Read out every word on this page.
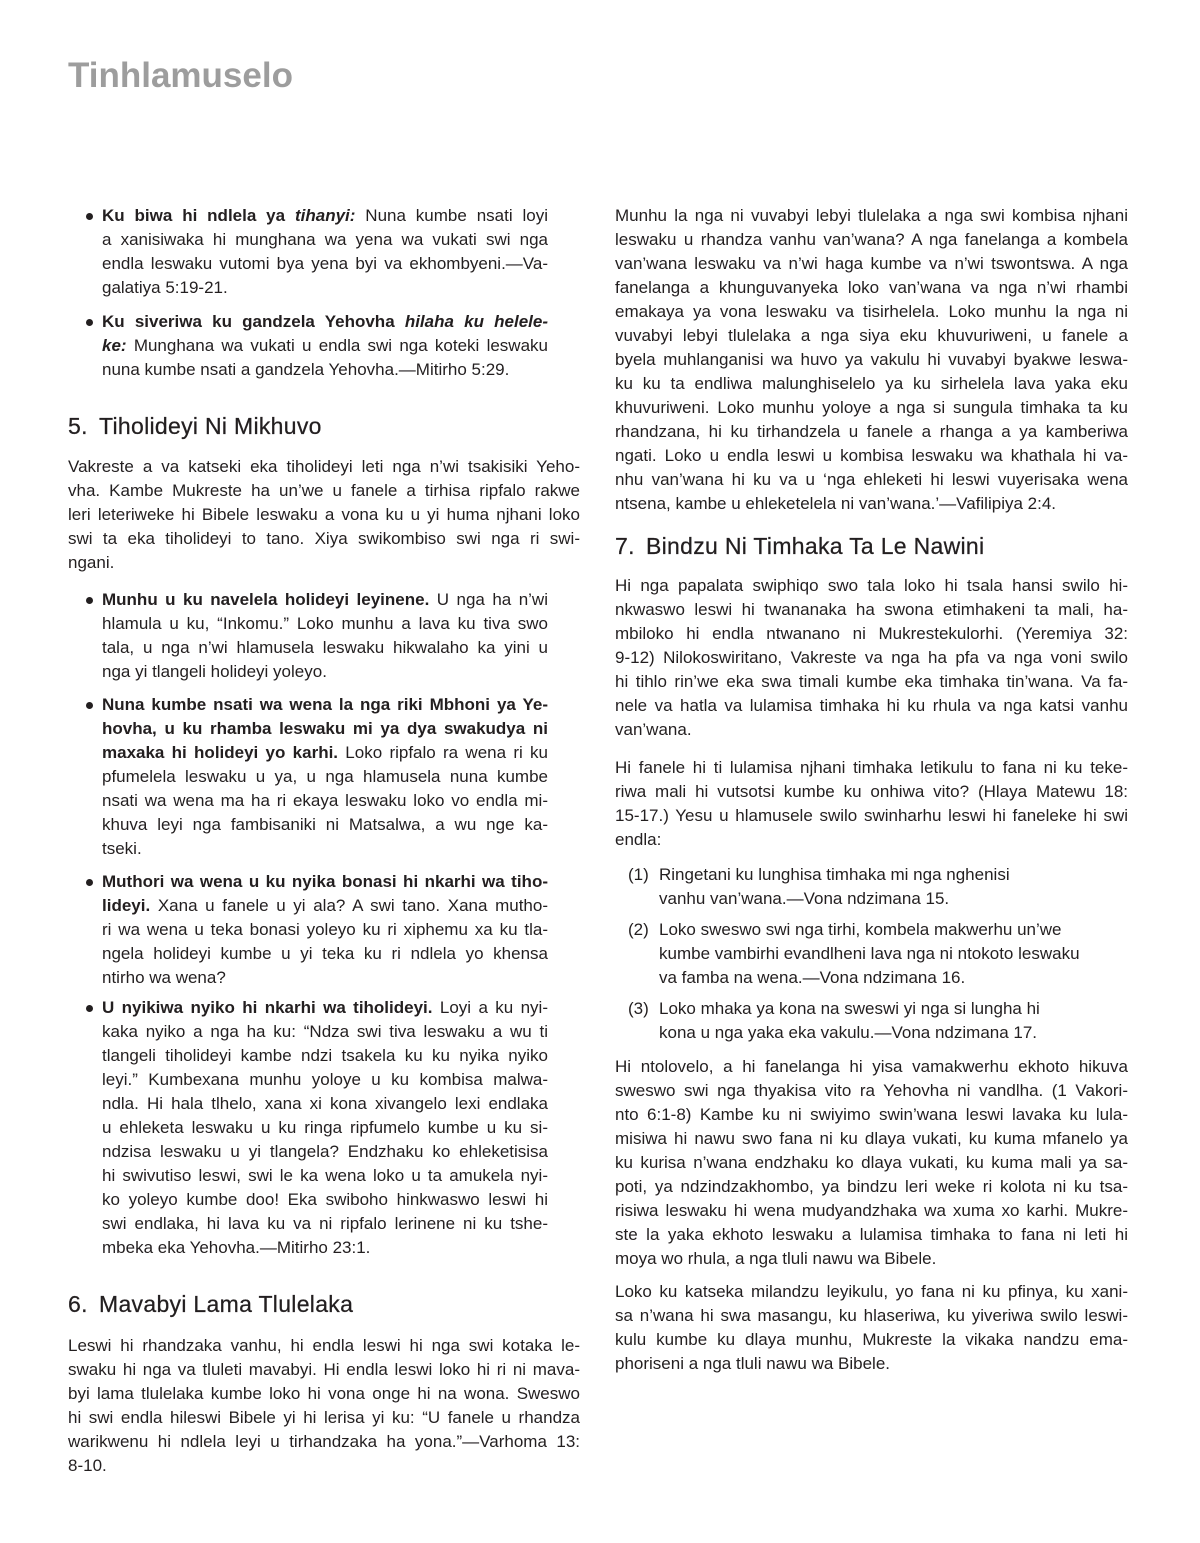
Tinhlamuselo
Ku biwa hi ndlela ya tihanyi: Nuna kumbe nsati loyi
a xanisiwaka hi munghana wa yena wa vukati swi nga
endla leswaku vutomi bya yena byi va ekhombyeni.—Va-
galatiya 5:19-21.
Ku siveriwa ku gandzela Yehovha hilaha ku helele-
ke: Munghana wa vukati u endla swi nga koteki leswaku
nuna kumbe nsati a gandzela Yehovha.—Mitirho 5:29.
5. Tiholideyi Ni Mikhuvo
Vakreste a va katseki eka tiholideyi leti nga n’wi tsakisiki Yeho-
vha. Kambe Mukreste ha un’we u fanele a tirhisa ripfalo rakwe
leri leteriweke hi Bibele leswaku a vona ku u yi huma njhani loko
swi ta eka tiholideyi to tano. Xiya swikombiso swi nga ri swi-
ngani.
Munhu u ku navelela holideyi leyinene. U nga ha n’wi
hlamula u ku, “Inkomu.” Loko munhu a lava ku tiva swo
tala, u nga n’wi hlamusela leswaku hikwalaho ka yini u
nga yi tlangeli holideyi yoleyo.
Nuna kumbe nsati wa wena la nga riki Mbhoni ya Ye-
hovha, u ku rhamba leswaku mi ya dya swakudya ni
maxaka hi holideyi yo karhi. Loko ripfalo ra wena ri ku
pfumelela leswaku u ya, u nga hlamusela nuna kumbe
nsati wa wena ma ha ri ekaya leswaku loko vo endla mi-
khuva leyi nga fambisaniki ni Matsalwa, a wu nge ka-
tseki.
Muthori wa wena u ku nyika bonasi hi nkarhi wa tiho-
lideyi. Xana u fanele u yi ala? A swi tano. Xana mutho-
ri wa wena u teka bonasi yoleyo ku ri xiphemu xa ku tla-
ngela holideyi kumbe u yi teka ku ri ndlela yo khensa
ntirho wa wena?
U nyikiwa nyiko hi nkarhi wa tiholideyi. Loyi a ku nyi-
kaka nyiko a nga ha ku: “Ndza swi tiva leswaku a wu ti
tlangeli tiholideyi kambe ndzi tsakela ku ku nyika nyiko
leyi.” Kumbexana munhu yoloye u ku kombisa malwa-
ndla. Hi hala tlhelo, xana xi kona xivangelo lexi endlaka
u ehleketa leswaku u ku ringa ripfumelo kumbe u ku si-
ndzisa leswaku u yi tlangela? Endzhaku ko ehleketisisa
hi swivutiso leswi, swi le ka wena loko u ta amukela nyi-
ko yoleyo kumbe doo! Eka swiboho hinkwaswo leswi hi
swi endlaka, hi lava ku va ni ripfalo lerinene ni ku tshe-
mbeka eka Yehovha.—Mitirho 23:1.
6. Mavabyi Lama Tlulelaka
Leswi hi rhandzaka vanhu, hi endla leswi hi nga swi kotaka le-
swaku hi nga va tluleti mavabyi. Hi endla leswi loko hi ri ni mava-
byi lama tlulelaka kumbe loko hi vona onge hi na wona. Sweswo
hi swi endla hileswi Bibele yi hi lerisa yi ku: “U fanele u rhandza
warikwenu hi ndlela leyi u tirhandzaka ha yona.”—Varhoma 13:
8-10.
Munhu la nga ni vuvabyi lebyi tlulelaka a nga swi kombisa njhani
leswaku u rhandza vanhu van’wana? A nga fanelanga a kombela
van’wana leswaku va n’wi haga kumbe va n’wi tswontswa. A nga
fanelanga a khunguvanyeka loko van’wana va nga n’wi rhambi
emakaya ya vona leswaku va tisirhelela. Loko munhu la nga ni
vuvabyi lebyi tlulelaka a nga siya eku khuvuriweni, u fanele a
byela muhlanganisi wa huvo ya vakulu hi vuvabyi byakwe leswa-
ku ku ta endliwa malunghiselelo ya ku sirhelela lava yaka eku
khuvuriweni. Loko munhu yoloye a nga si sungula timhaka ta ku
rhandzana, hi ku tirhandzela u fanele a rhanga a ya kamberiwa
ngati. Loko u endla leswi u kombisa leswaku wa khathala hi va-
nhu van’wana hi ku va u ‘nga ehleketi hi leswi vuyerisaka wena
ntsena, kambe u ehleketelela ni van’wana.’—Vafilipiya 2:4.
7. Bindzu Ni Timhaka Ta Le Nawini
Hi nga papalata swiphiqo swo tala loko hi tsala hansi swilo hi-
nkwaswo leswi hi twananaka ha swona etimhakeni ta mali, ha-
mbiloko hi endla ntwanano ni Mukrestekulorhi. (Yeremiya 32:
9-12) Nilokoswiritano, Vakreste va nga ha pfa va nga voni swilo
hi tihlo rin’we eka swa timali kumbe eka timhaka tin’wana. Va fa-
nele va hatla va lulamisa timhaka hi ku rhula va nga katsi vanhu
van’wana.
Hi fanele hi ti lulamisa njhani timhaka letikulu to fana ni ku teke-
riwa mali hi vutsotsi kumbe ku onhiwa vito? (Hlaya Matewu 18:
15-17.) Yesu u hlamusele swilo swinharhu leswi hi faneleke hi swi
endla:
(1) Ringetani ku lunghisa timhaka mi nga nghenisi
vanhu van’wana.—Vona ndzimana 15.
(2) Loko sweswo swi nga tirhi, kombela makwerhu un’we
kumbe vambirhi evandlheni lava nga ni ntokoto leswaku
va famba na wena.—Vona ndzimana 16.
(3) Loko mhaka ya kona na sweswi yi nga si lungha hi
kona u nga yaka eka vakulu.—Vona ndzimana 17.
Hi ntolovelo, a hi fanelanga hi yisa vamakwerhu ekhoto hikuva
sweswo swi nga thyakisa vito ra Yehovha ni vandlha. (1 Vakori-
nto 6:1-8) Kambe ku ni swiyimo swin’wana leswi lavaka ku lula-
misiwa hi nawu swo fana ni ku dlaya vukati, ku kuma mfanelo ya
ku kurisa n’wana endzhaku ko dlaya vukati, ku kuma mali ya sa-
poti, ya ndzindzakhombo, ya bindzu leri weke ri kolota ni ku tsa-
risiwa leswaku hi wena mudyandzhaka wa xuma xo karhi. Mukre-
ste la yaka ekhoto leswaku a lulamisa timhaka to fana ni leti hi
moya wo rhula, a nga tluli nawu wa Bibele.
Loko ku katseka milandzu leyikulu, yo fana ni ku pfinya, ku xani-
sa n’wana hi swa masangu, ku hlaseriwa, ku yiveriwa swilo leswi-
kulu kumbe ku dlaya munhu, Mukreste la vikaka nandzu ema-
phoriseni a nga tluli nawu wa Bibele.
